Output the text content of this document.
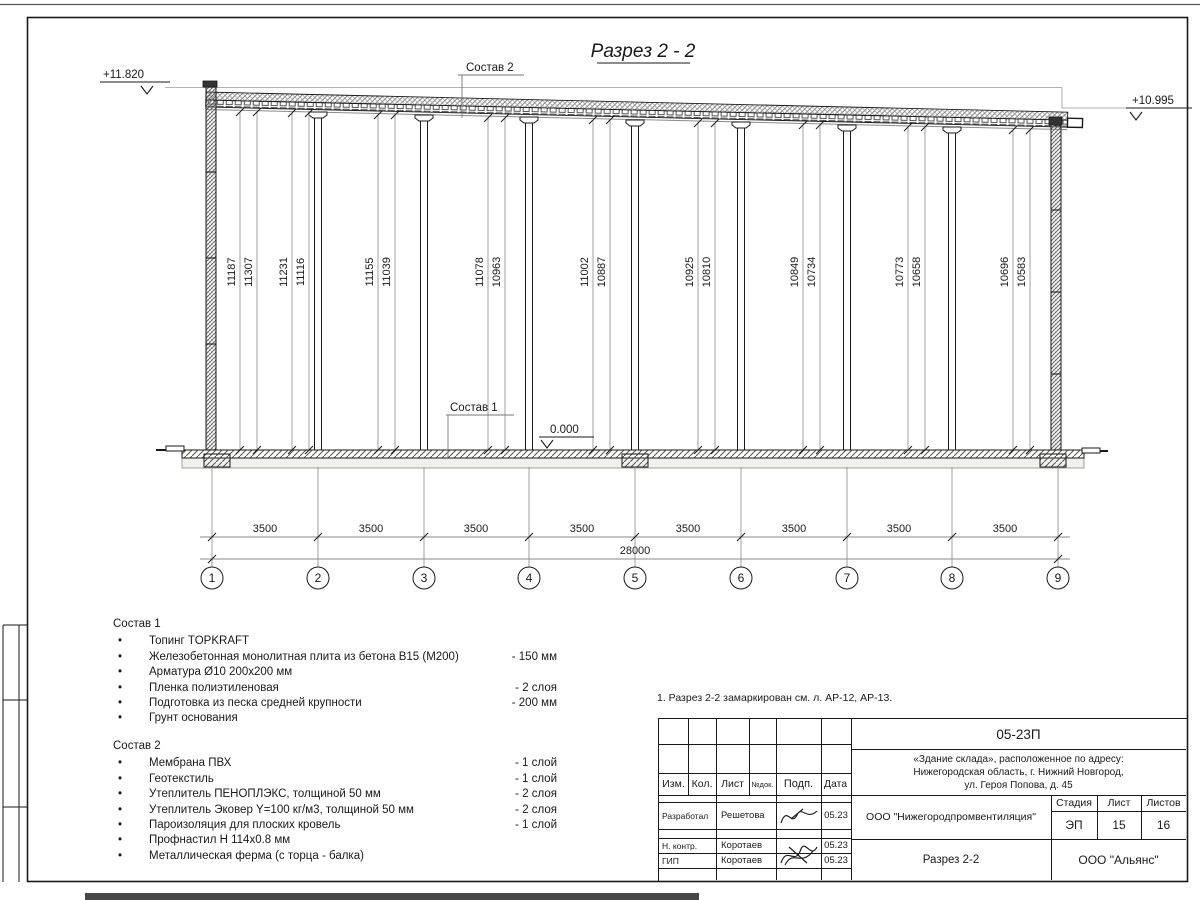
Разрез 2 - 2
11187 11307 11231 11116	11155 11039	11078 10963	11002 10887	10925 10810	10849 10734	10773 10658	10696 10583
+11.820
+10.995
0.000
Состав 2
Состав 1
3500	3500	3500	3500	3500	3500	3500	3500
28000
1	2	3	4	5	6	7	8	9
Состав 1
•	Топинг TOPKRAFT
•	Железобетонная монолитная плита из бетона В15 (М200)	- 150 мм
•	Арматура Ø10 200x200 мм
•	Пленка полиэтиленовая	- 2 слоя
•	Подготовка из песка средней крупности	- 200 мм
•	Грунт основания
Состав 2
•	Мембрана ПВХ	- 1 слой
•	Геотекстиль	- 1 слой
•	Утеплитель ПЕНОПЛЭКС, толщиной 50 мм	- 2 слоя
•	Утеплитель Эковер Y=100 кг/м3, толщиной 50 мм	- 2 слоя
•	Пароизоляция для плоских кровель	- 1 слой
•	Профнастил Н 114x0.8 мм
•	Металлическая ферма (с торца - балка)
1. Разрез 2-2 замаркирован см. л. АР-12, АР-13.
Изм. Кол. Лист	№док. Подп.	Дата
Разработал	Решетова	05.23
Н. контр.	Коротаев	05.23
ГИП	Коротаев	05.23
05-23П
«Здание склада», расположенное по адресу:
Нижегородская область, г. Нижний Новгород,
ул. Героя Попова, д. 45
ООО "Нижегородпромвентиляция"
Стадия	Лист	Листов
ЭП	15	16
Разрез 2-2	ООО "Альянс"
